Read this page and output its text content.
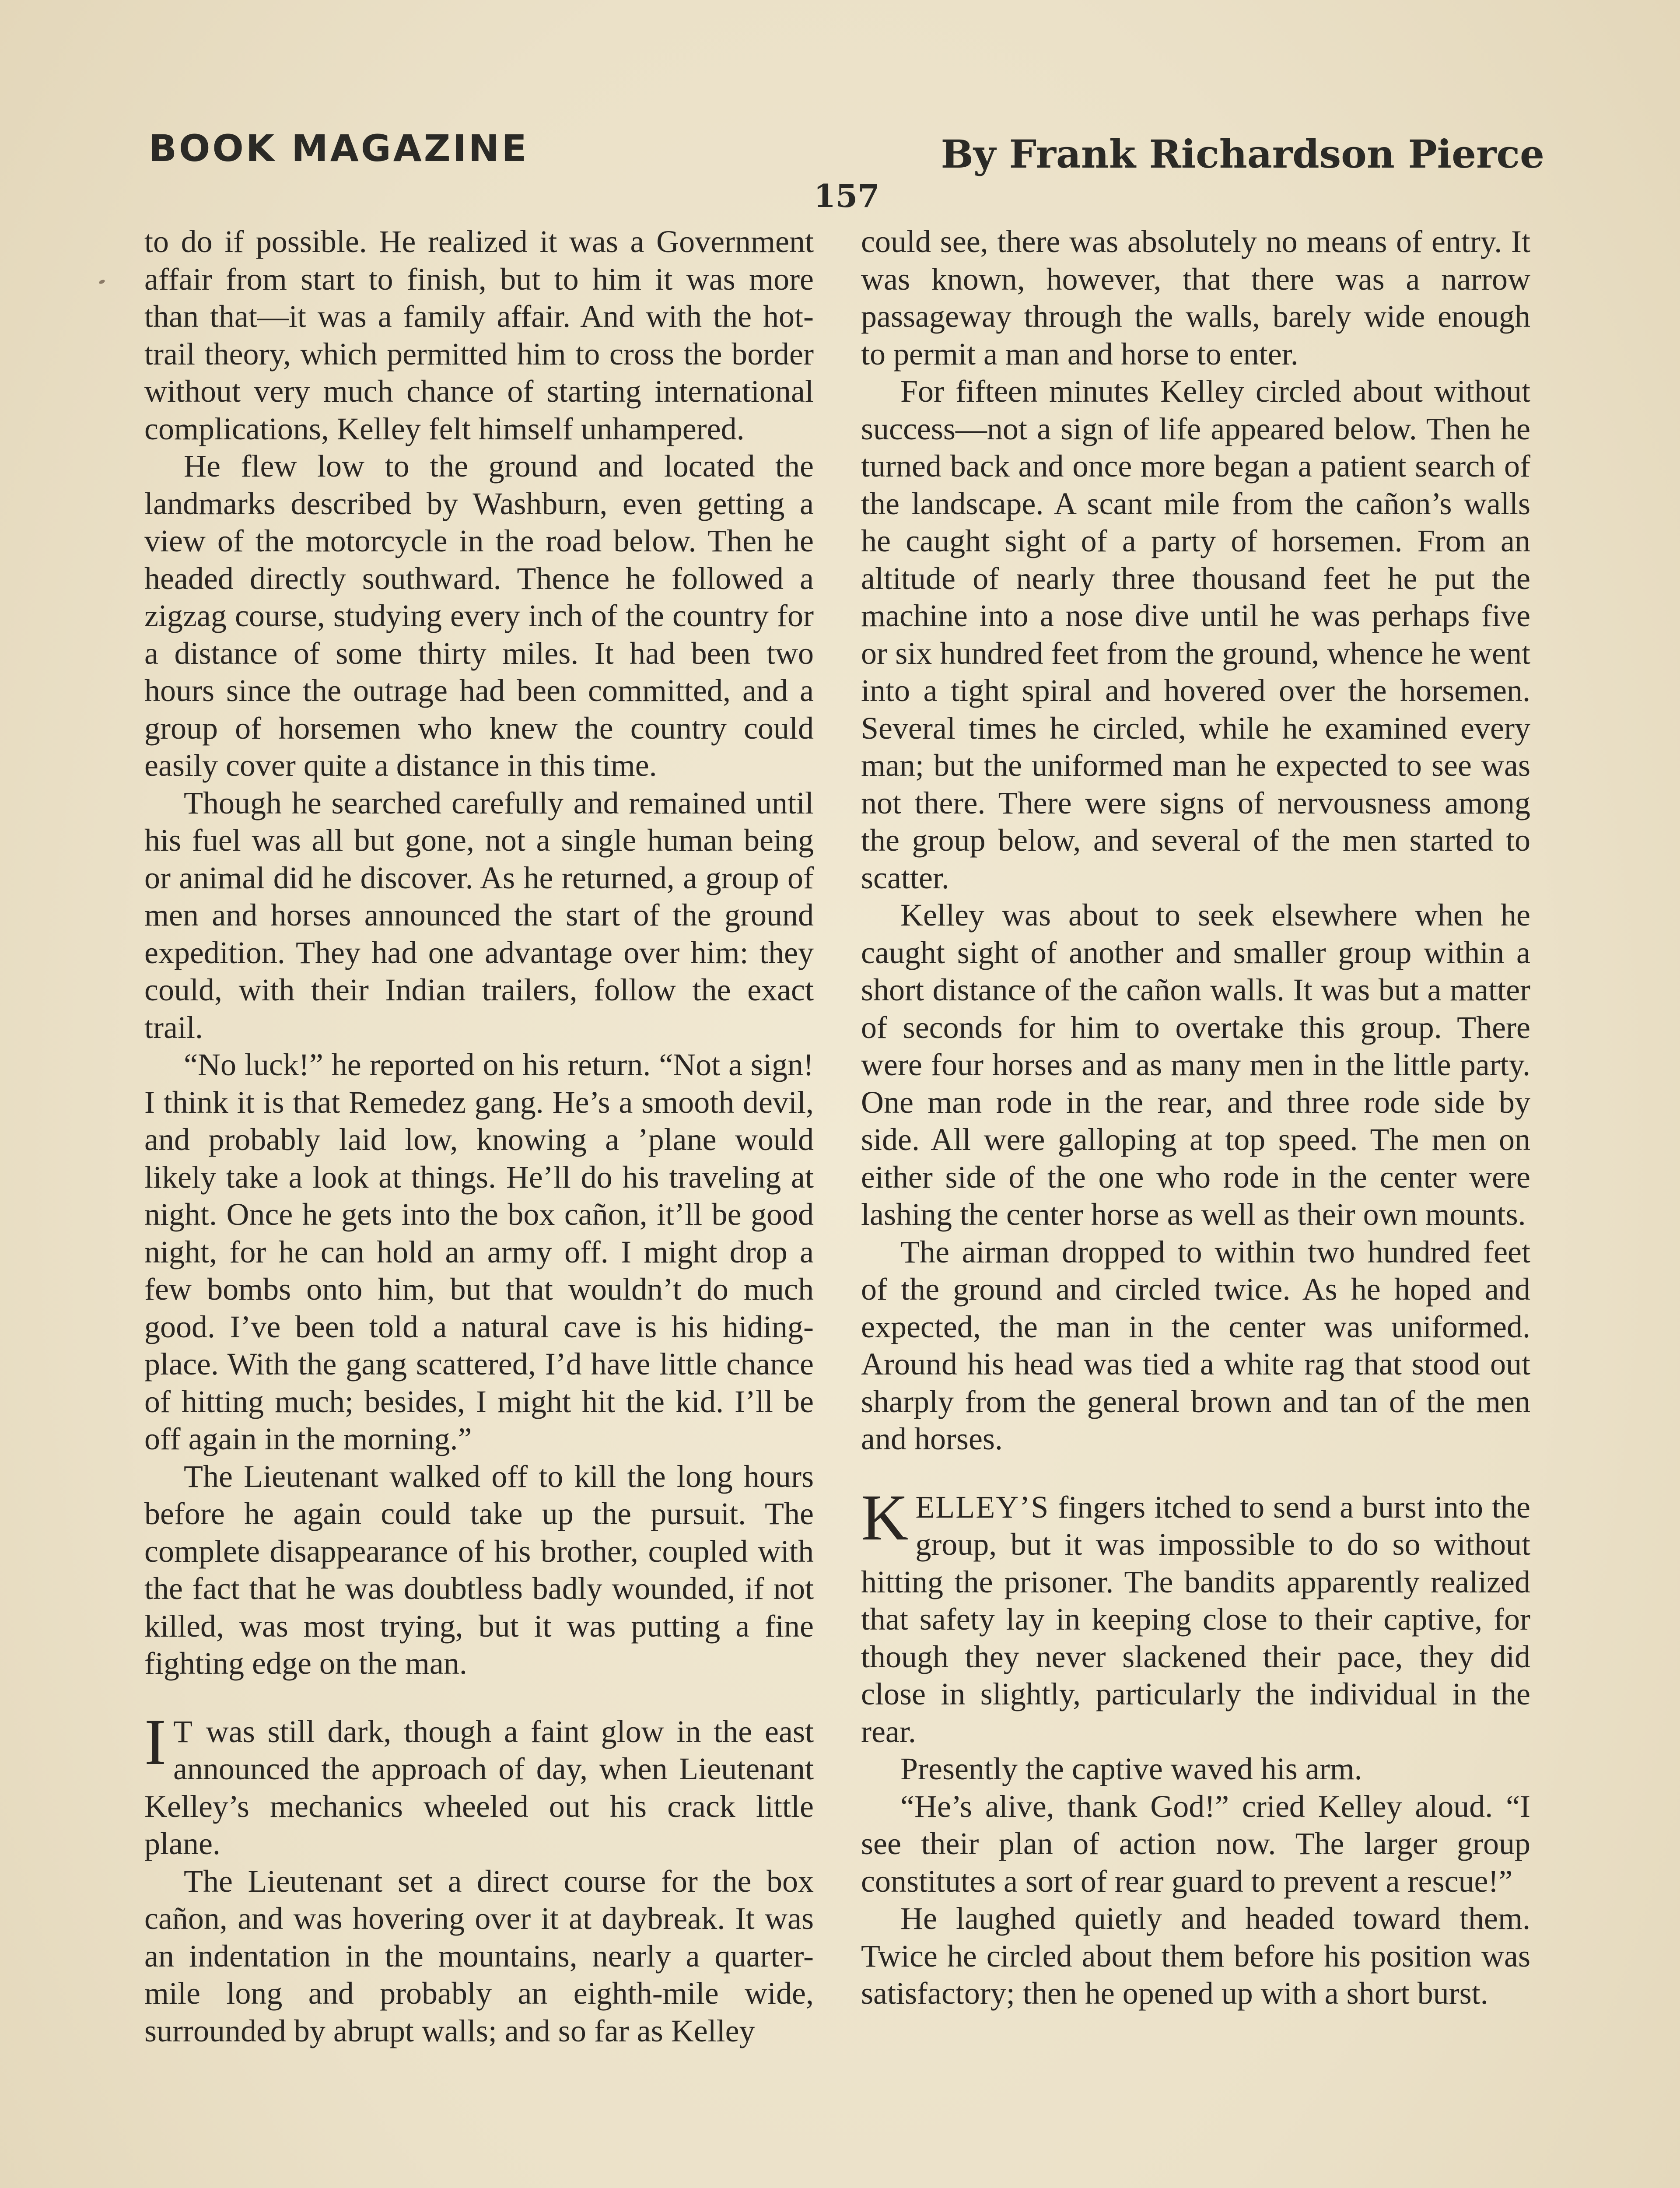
BOOK MAGAZINE	By Frank Richardson Pierce
157

to do if possible. He realized it was a Government affair from start to finish, but to him it was more than that—it was a family affair. And with the hot-trail theory, which permitted him to cross the border without very much chance of starting international complications, Kelley felt himself unhampered.

He flew low to the ground and located the landmarks described by Washburn, even getting a view of the motorcycle in the road below. Then he headed directly southward. Thence he followed a zigzag course, studying every inch of the country for a distance of some thirty miles. It had been two hours since the outrage had been committed, and a group of horsemen who knew the country could easily cover quite a distance in this time.

Though he searched carefully and remained until his fuel was all but gone, not a single human being or animal did he discover. As he returned, a group of men and horses announced the start of the ground expedition. They had one advantage over him: they could, with their Indian trailers, follow the exact trail.

“No luck!” he reported on his return. “Not a sign! I think it is that Remedez gang. He’s a smooth devil, and probably laid low, knowing a ’plane would likely take a look at things. He’ll do his traveling at night. Once he gets into the box cañon, it’ll be good night, for he can hold an army off. I might drop a few bombs onto him, but that wouldn’t do much good. I’ve been told a natural cave is his hiding-place. With the gang scattered, I’d have little chance of hitting much; besides, I might hit the kid. I’ll be off again in the morning.”

The Lieutenant walked off to kill the long hours before he again could take up the pursuit. The complete disappearance of his brother, coupled with the fact that he was doubtless badly wounded, if not killed, was most trying, but it was putting a fine fighting edge on the man.

I T was still dark, though a faint glow in the east announced the approach of day, when Lieutenant Kelley’s mechanics wheeled out his crack little plane.

The Lieutenant set a direct course for the box cañon, and was hovering over it at daybreak. It was an indentation in the mountains, nearly a quarter-mile long and probably an eighth-mile wide, surrounded by abrupt walls; and so far as Kelley

could see, there was absolutely no means of entry. It was known, however, that there was a narrow passageway through the walls, barely wide enough to permit a man and horse to enter.

For fifteen minutes Kelley circled about without success—not a sign of life appeared below. Then he turned back and once more began a patient search of the landscape. A scant mile from the cañon’s walls he caught sight of a party of horsemen. From an altitude of nearly three thousand feet he put the machine into a nose dive until he was perhaps five or six hundred feet from the ground, whence he went into a tight spiral and hovered over the horsemen. Several times he circled, while he examined every man; but the uniformed man he expected to see was not there. There were signs of nervousness among the group below, and several of the men started to scatter.

Kelley was about to seek elsewhere when he caught sight of another and smaller group within a short distance of the cañon walls. It was but a matter of seconds for him to overtake this group. There were four horses and as many men in the little party. One man rode in the rear, and three rode side by side. All were galloping at top speed. The men on either side of the one who rode in the center were lashing the center horse as well as their own mounts.

The airman dropped to within two hundred feet of the ground and circled twice. As he hoped and expected, the man in the center was uniformed. Around his head was tied a white rag that stood out sharply from the general brown and tan of the men and horses.

KELLEY’S fingers itched to send a burst into the group, but it was impossible to do so without hitting the prisoner. The bandits apparently realized that safety lay in keeping close to their captive, for though they never slackened their pace, they did close in slightly, particularly the individual in the rear.

Presently the captive waved his arm.

“He’s alive, thank God!” cried Kelley aloud. “I see their plan of action now. The larger group constitutes a sort of rear guard to prevent a rescue!”

He laughed quietly and headed toward them. Twice he circled about them before his position was satisfactory; then he opened up with a short burst.
